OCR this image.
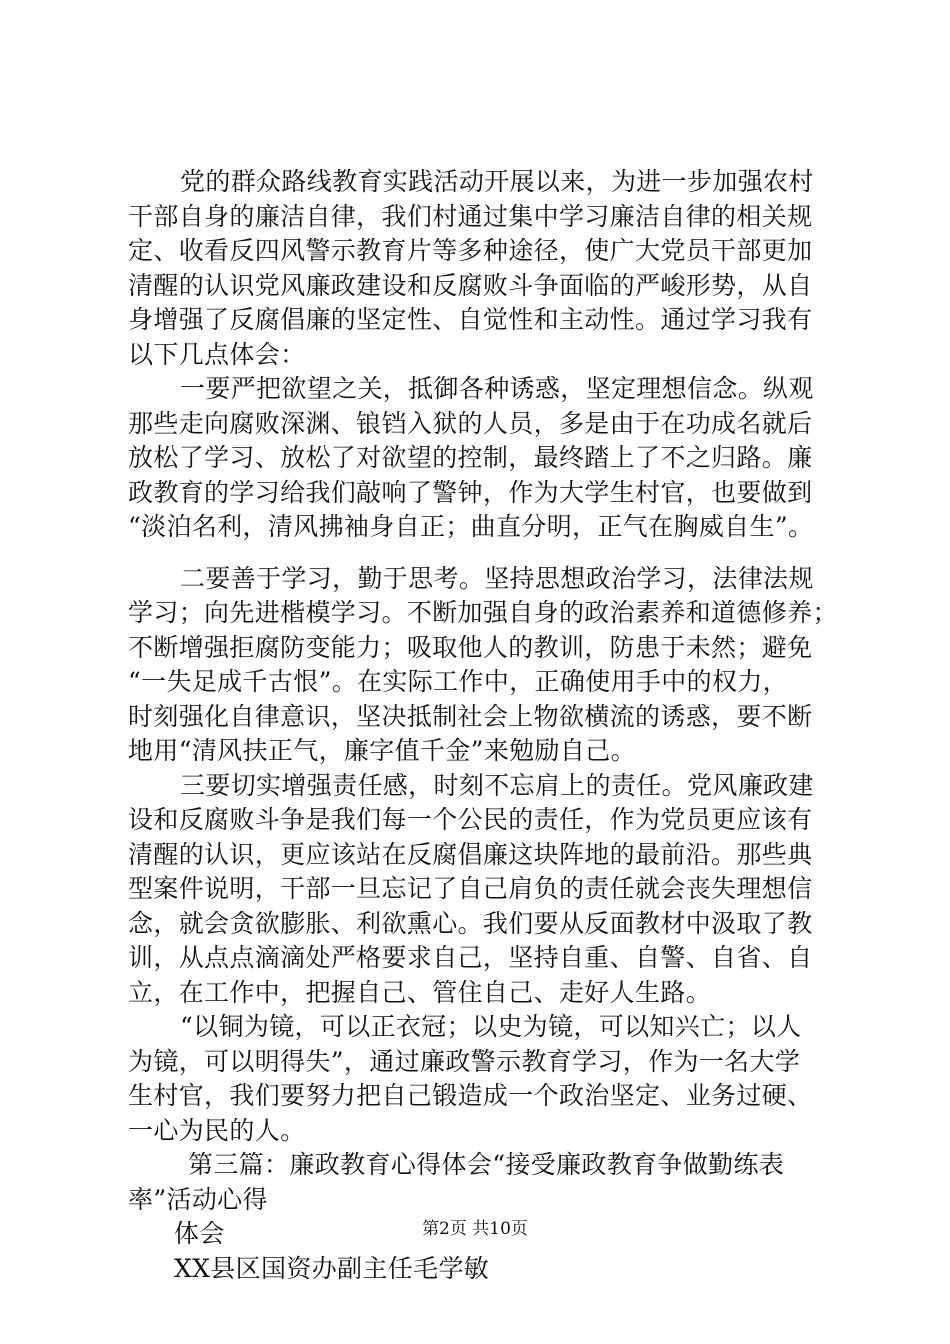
党的群众路线教育实践活动开展以来，为进一步加强农村
干部自身的廉洁自律，我们村通过集中学习廉洁自律的相关规
定、收看反四风警示教育片等多种途径，使广大党员干部更加
清醒的认识党风廉政建设和反腐败斗争面临的严峻形势，从自
身增强了反腐倡廉的坚定性、自觉性和主动性。通过学习我有
以下几点体会：
一要严把欲望之关，抵御各种诱惑，坚定理想信念。纵观
那些走向腐败深渊、锒铛入狱的人员，多是由于在功成名就后
放松了学习、放松了对欲望的控制，最终踏上了不之归路。廉
政教育的学习给我们敲响了警钟，作为大学生村官，也要做到
“淡泊名利，清风拂袖身自正；曲直分明，正气在胸威自生”。
二要善于学习，勤于思考。坚持思想政治学习，法律法规
学习；向先进楷模学习。不断加强自身的政治素养和道德修养；
不断增强拒腐防变能力；吸取他人的教训，防患于未然；避免
“一失足成千古恨”。在实际工作中，正确使用手中的权力，
时刻强化自律意识，坚决抵制社会上物欲横流的诱惑，要不断
地用“清风扶正气，廉字值千金”来勉励自己。
三要切实增强责任感，时刻不忘肩上的责任。党风廉政建
设和反腐败斗争是我们每一个公民的责任，作为党员更应该有
清醒的认识，更应该站在反腐倡廉这块阵地的最前沿。那些典
型案件说明，干部一旦忘记了自己肩负的责任就会丧失理想信
念，就会贪欲膨胀、利欲熏心。我们要从反面教材中汲取了教
训，从点点滴滴处严格要求自己，坚持自重、自警、自省、自
立，在工作中，把握自己、管住自己、走好人生路。
“以铜为镜，可以正衣冠；以史为镜，可以知兴亡；以人
为镜，可以明得失”，通过廉政警示教育学习，作为一名大学
生村官，我们要努力把自己锻造成一个政治坚定、业务过硬、
一心为民的人。
第三篇：廉政教育心得体会“接受廉政教育争做勤练表
率”活动心得
体会
XX县区国资办副主任毛学敏
第2页 共10页
